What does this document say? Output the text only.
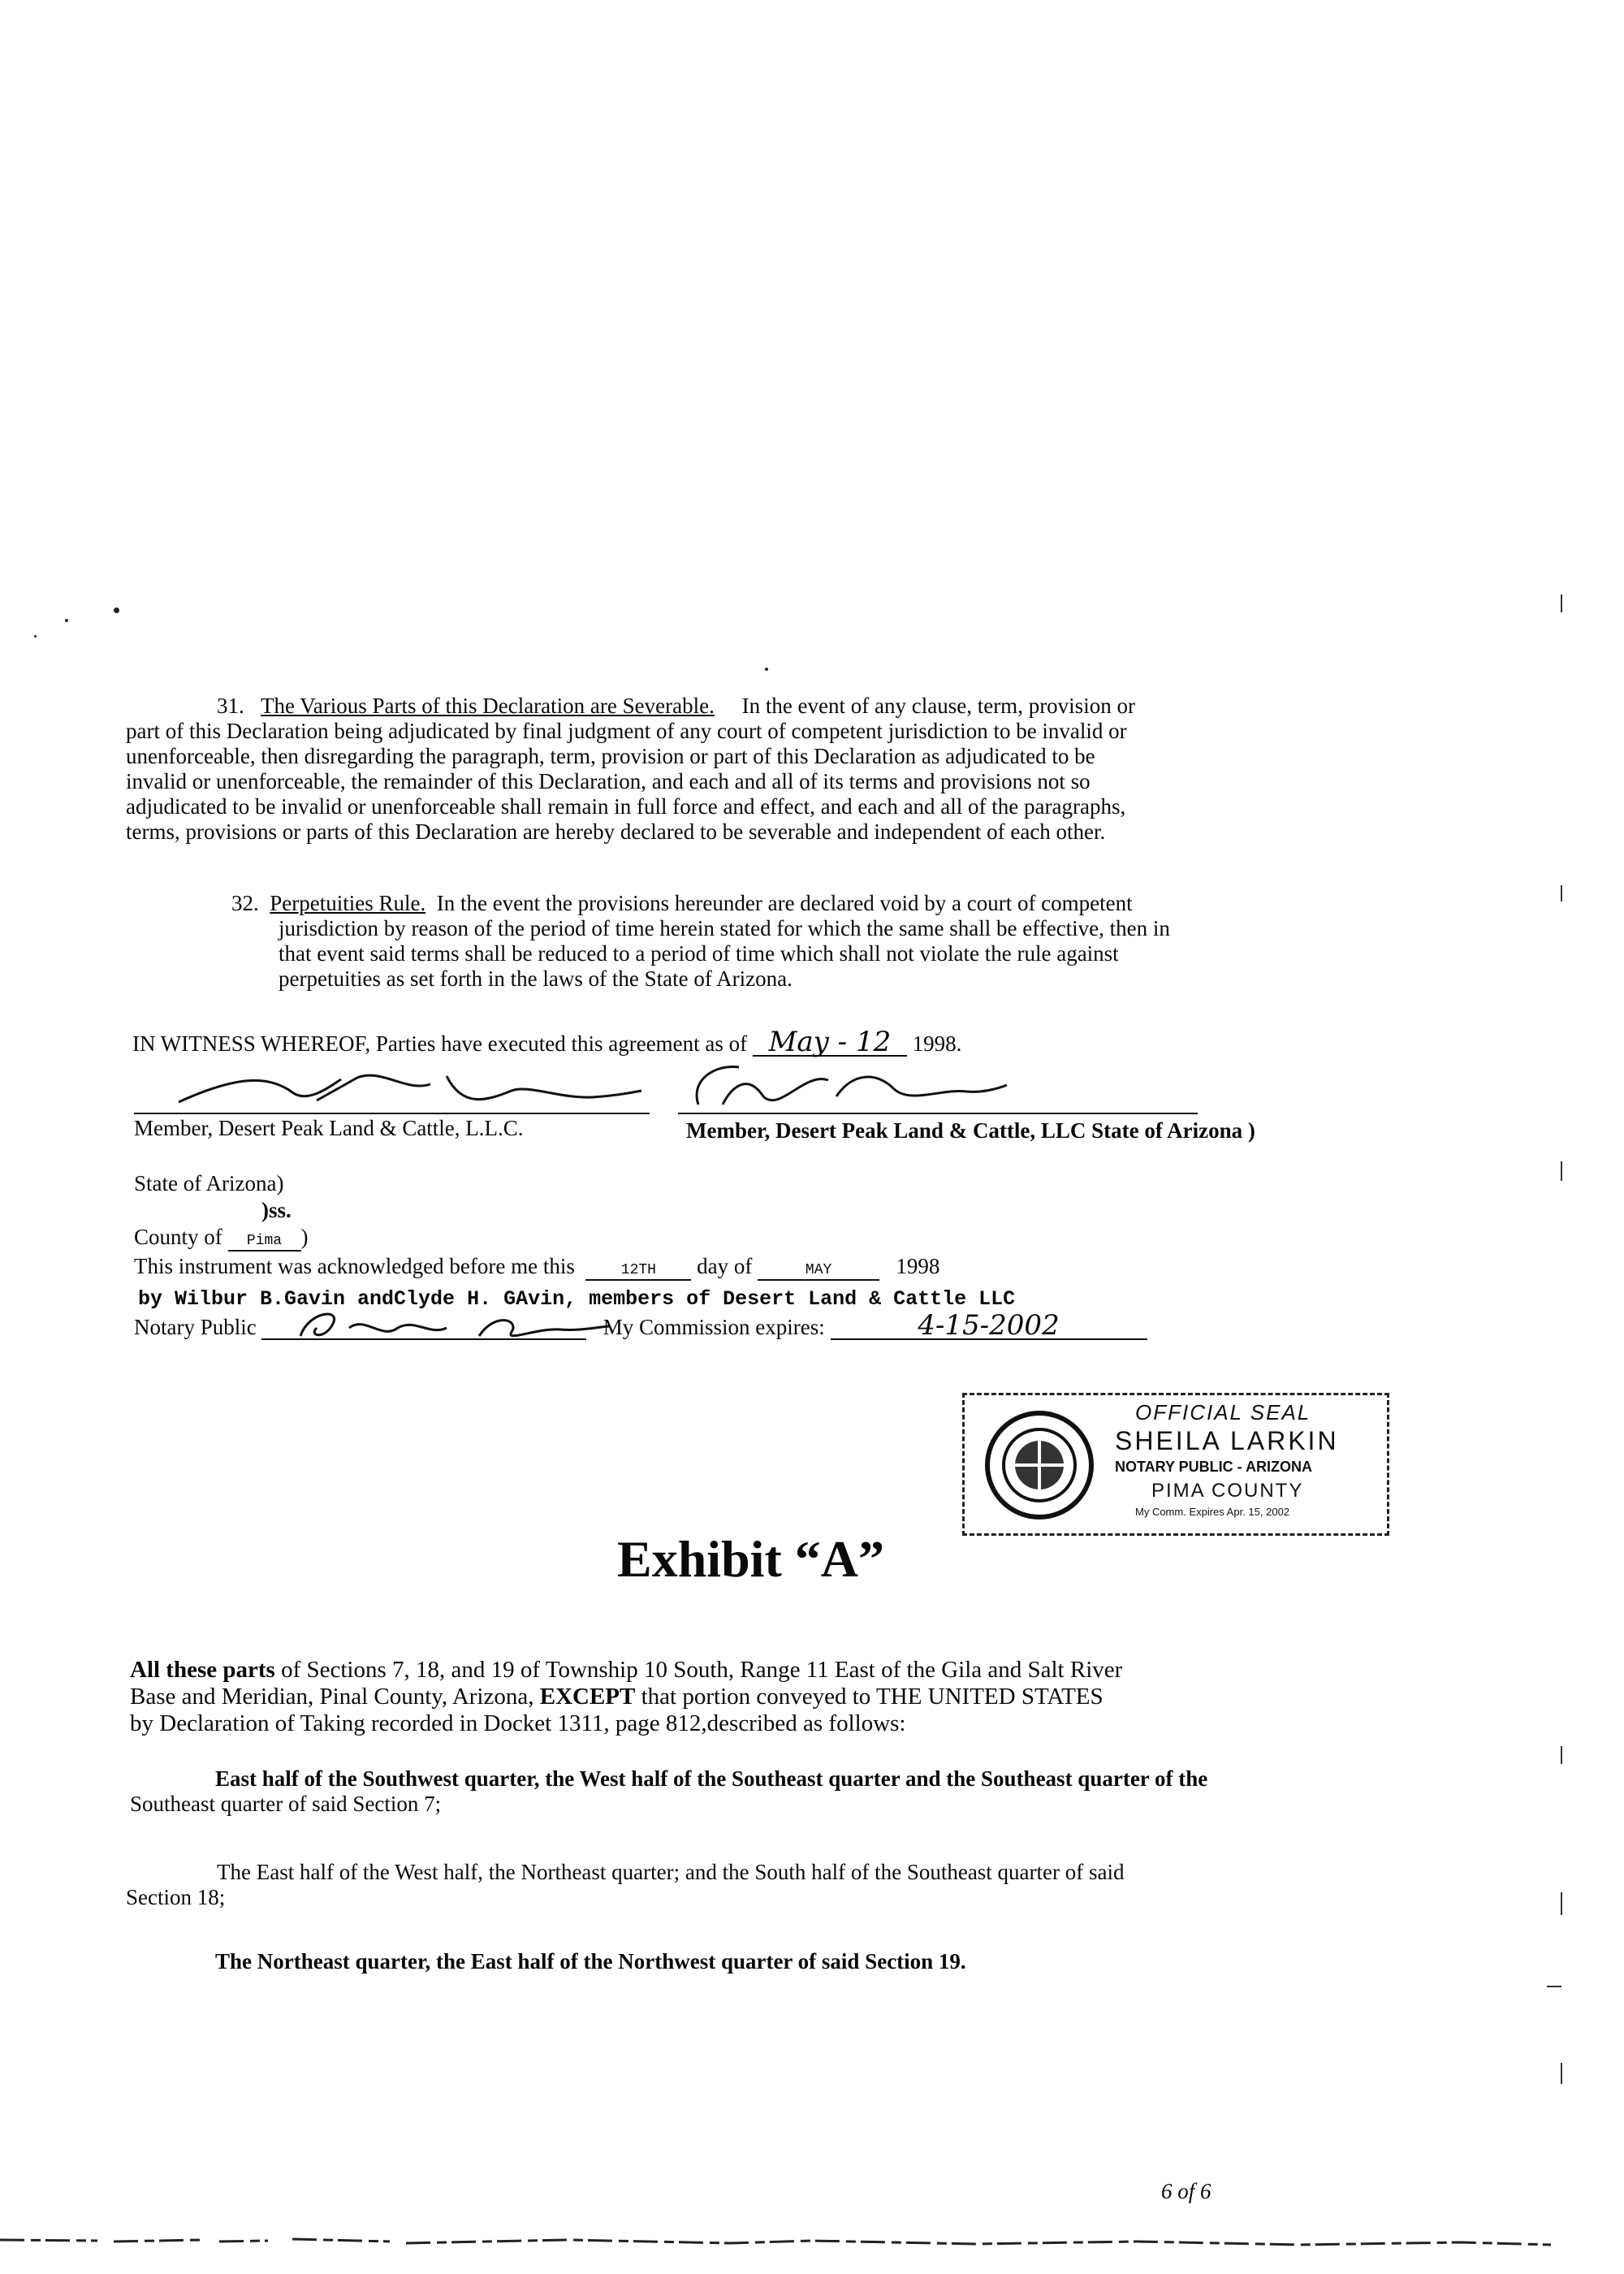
31. The Various Parts of this Declaration are Severable. In the event of any clause, term, provision or
part of this Declaration being adjudicated by final judgment of any court of competent jurisdiction to be invalid or
unenforceable, then disregarding the paragraph, term, provision or part of this Declaration as adjudicated to be
invalid or unenforceable, the remainder of this Declaration, and each and all of its terms and provisions not so
adjudicated to be invalid or unenforceable shall remain in full force and effect, and each and all of the paragraphs,
terms, provisions or parts of this Declaration are hereby declared to be severable and independent of each other.
32. Perpetuities Rule. In the event the provisions hereunder are declared void by a court of competent
jurisdiction by reason of the period of time herein stated for which the same shall be effective, then in
that event said terms shall be reduced to a period of time which shall not violate the rule against
perpetuities as set forth in the laws of the State of Arizona.
IN WITNESS WHEREOF, Parties have executed this agreement as of May - 12 1998.
Member, Desert Peak Land & Cattle, L.L.C.	Member, Desert Peak Land & Cattle, LLC State of Arizona )
State of Arizona)
)ss.
County of Pima )
This instrument was acknowledged before me this	12TH day of	MAY	1998
by Wilbur B.Gavin andClyde H. GAvin, members of Desert Land & Cattle LLC
Notary Public	My Commission expires:	4-15-2002
OFFICIAL SEAL
SHEILA LARKIN
NOTARY PUBLIC - ARIZONA
PIMA COUNTY
My Comm. Expires Apr. 15, 2002
Exhibit “A”
All these parts of Sections 7, 18, and 19 of Township 10 South, Range 11 East of the Gila and Salt River
Base and Meridian, Pinal County, Arizona, EXCEPT that portion conveyed to THE UNITED STATES
by Declaration of Taking recorded in Docket 1311, page 812,described as follows:
East half of the Southwest quarter, the West half of the Southeast quarter and the Southeast quarter of the
Southeast quarter of said Section 7;
The East half of the West half, the Northeast quarter; and the South half of the Southeast quarter of said
Section 18;
The Northeast quarter, the East half of the Northwest quarter of said Section 19.
6 of 6
